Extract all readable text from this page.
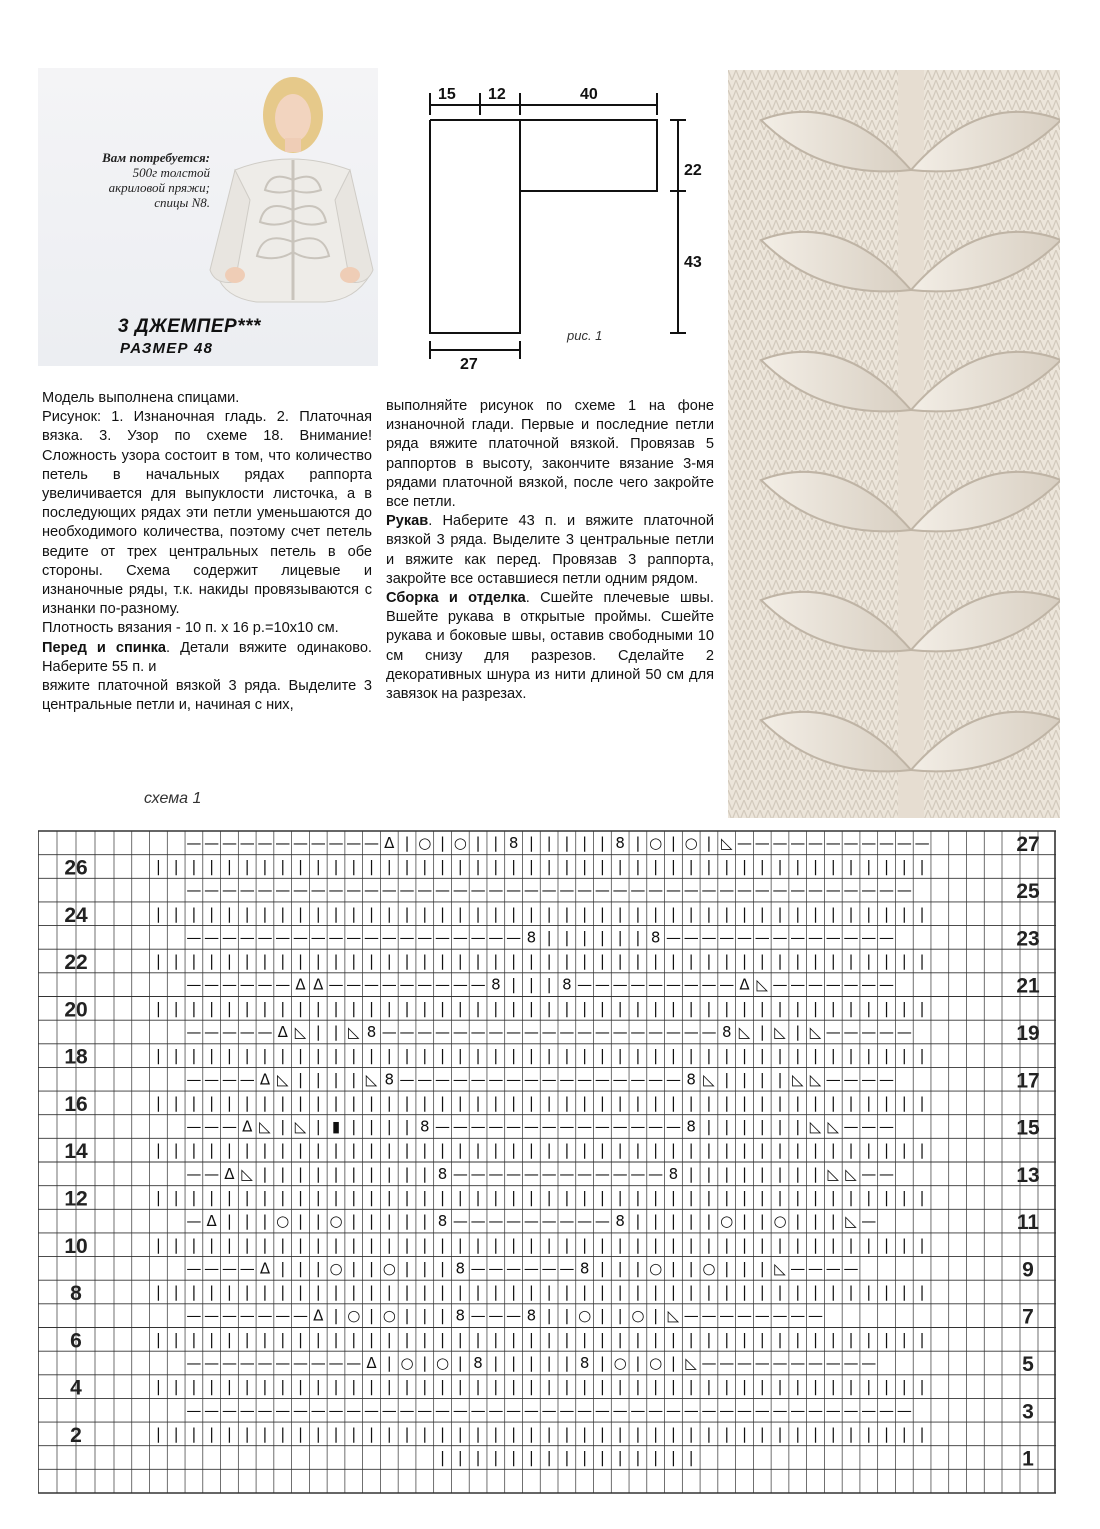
Вам потребуется:
500г толстой
акриловой пряжи;
спицы N8.
3 ДЖЕМПЕР***
РАЗМЕР 48
15 12	40
22
43
27
рис. 1

Модель выполнена спицами.

Рисунок: 1. Изнаночная гладь. 2. Платочная вязка. 3. Узор по схеме 18. Внимание! Сложность узора состоит в том, что количество петель в начальных рядах раппорта увеличивается для выпуклости листочка, а в последующих рядах эти петли уменьшаются до необходимого количества, поэтому счет петель ведите от трех центральных петель в обе стороны. Схема содержит лицевые и изнаночные ряды, т.к. накиды провязываются с изнанки по-разному.

Плотность вязания - 10 п. х 16 р.=10х10 см.

Перед и спинка. Детали вяжите одинаково. Наберите 55 п. и

вяжите платочной вязкой 3 ряда. Выделите 3 центральные петли и, начиная с них,

выполняйте рисунок по схеме 1 на фоне изнаночной глади. Первые и последние петли ряда вяжите платочной вязкой. Провязав 5 раппортов в высоту, закончите вязание 3-мя рядами платочной вязкой, после чего закройте все петли.

Рукав. Наберите 43 п. и вяжите платочной вязкой 3 ряда. Выделите 3 центральные петли и вяжите как перед. Провязав 3 раппорта, закройте все оставшиеся петли одним рядом.

Сборка и отделка. Сшейте плечевые швы. Вшейте рукава в открытые проймы. Сшейте рукава и боковые швы, оставив свободными 10 см снизу для разрезов. Сделайте 2 декоративных шнура из нити длиной 50 см для завязок на разрезах.

схема 1
— — — — — — — — — — — Δ | ○ | ○ | | 8 | | | | | 8 | ○ | ○ | ◺ — — — — — — — — — — —
| | | | | | | | | | | | | | | | | | | | | | | | | | | | | | | | | | | | | | | | | | | |
— — — — — — — — — — — — — — — — — — — — — — — — — — — — — — — — — — — — — — — — —
| | | | | | | | | | | | | | | | | | | | | | | | | | | | | | | | | | | | | | | | | | | |
— — — — — — — — — — — — — — — — — — — 8 | | | | | | 8 — — — — — — — — — — — — —
| | | | | | | | | | | | | | | | | | | | | | | | | | | | | | | | | | | | | | | | | | | |
— — — — — — Δ Δ — — — — — — — — — 8 | | | 8 — — — — — — — — — Δ ◺ — — — — — — —
| | | | | | | | | | | | | | | | | | | | | | | | | | | | | | | | | | | | | | | | | | | |
— — — — — Δ ◺ | | ◺ 8 — — — — — — — — — — — — — — — — — — — 8 ◺ | ◺ | ◺ — — — — —
| | | | | | | | | | | | | | | | | | | | | | | | | | | | | | | | | | | | | | | | | | | |
— — — — Δ ◺ | | | | ◺ 8 — — — — — — — — — — — — — — — — 8 ◺ | | | | ◺ ◺ — — — —
| | | | | | | | | | | | | | | | | | | | | | | | | | | | | | | | | | | | | | | | | | | |
— — — Δ ◺ | ◺ | ▮ | | | | 8 — — — — — — — — — — — — — — 8 | | | | | | ◺ ◺ — — —
| | | | | | | | | | | | | | | | | | | | | | | | | | | | | | | | | | | | | | | | | | | |
— — Δ ◺ | | | | | | | | | | 8 — — — — — — — — — — — — 8 | | | | | | | | ◺ ◺ — —
| | | | | | | | | | | | | | | | | | | | | | | | | | | | | | | | | | | | | | | | | | | |
— Δ | | | ○ | | ○ | | | | | 8 — — — — — — — — — 8 | | | | | ○ | | ○ | | | ◺ —
| | | | | | | | | | | | | | | | | | | | | | | | | | | | | | | | | | | | | | | | | | | |
— — — — Δ | | | ○ | | ○ | | | 8 — — — — — — 8 | | | ○ | | ○ | | | ◺ — — — —
| | | | | | | | | | | | | | | | | | | | | | | | | | | | | | | | | | | | | | | | | | | |
— — — — — — — Δ | ○ | ○ | | | 8 — — — 8 | | ○ | | ○ | ◺ — — — — — — — —
| | | | | | | | | | | | | | | | | | | | | | | | | | | | | | | | | | | | | | | | | | | |
— — — — — — — — — — Δ | ○ | ○ | 8 | | | | | 8 | ○ | ○ | ◺ — — — — — — — — — —
| | | | | | | | | | | | | | | | | | | | | | | | | | | | | | | | | | | | | | | | | | | |
— — — — — — — — — — — — — — — — — — — — — — — — — — — — — — — — — — — — — — — — —
| | | | | | | | | | | | | | | | | | | | | | | | | | | | | | | | | | | | | | | | | | | |
| | | | | | | | | | | | | | |
27
25
23
21
19
17
15
13
11
9
7
5
3
1
26
24
22
20
18
16
14
12
10
8
6
4
2
